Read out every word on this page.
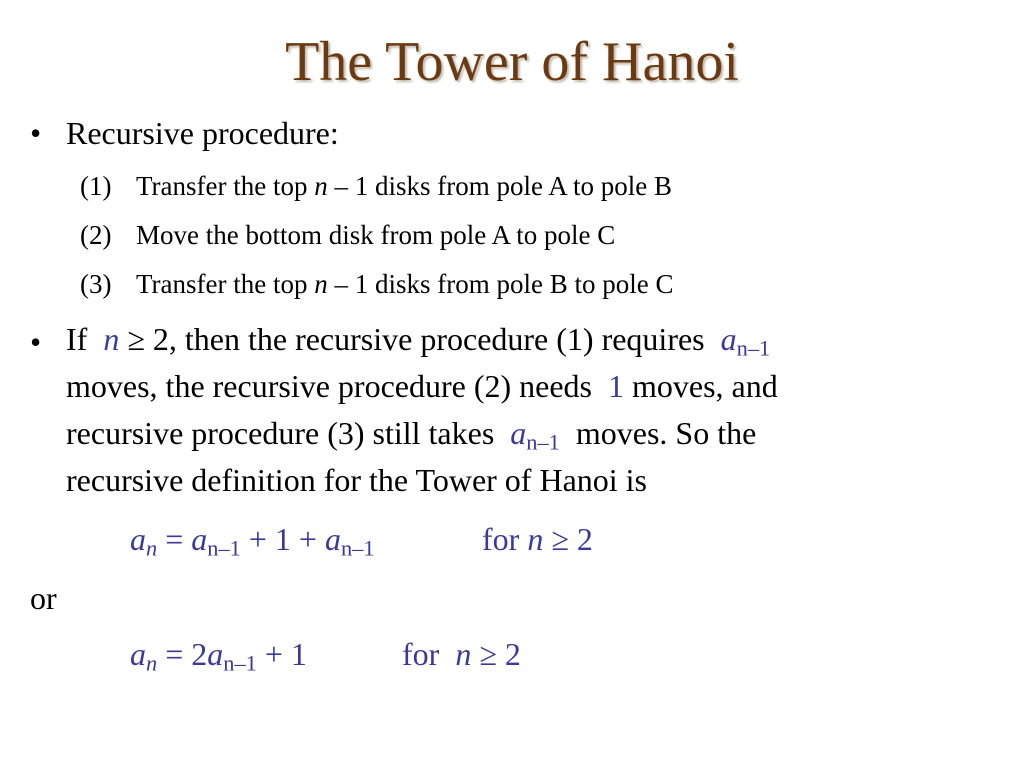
The Tower of Hanoi
• Recursive procedure:
(1) Transfer the top n – 1 disks from pole A to pole B
(2) Move the bottom disk from pole A to pole C
(3) Transfer the top n – 1 disks from pole B to pole C
• If n ≥ 2, then the recursive procedure (1) requires $a_{n-1}$
moves, the recursive procedure (2) needs 1 moves, and
recursive procedure (3) still takes $a_{n-1}$ moves. So the
recursive definition for the Tower of Hanoi is
$a_n = a_{n-1} + 1 + a_{n-1}$	for n ≥ 2
or
$a_n = 2a_{n-1} + 1$	for n ≥ 2
